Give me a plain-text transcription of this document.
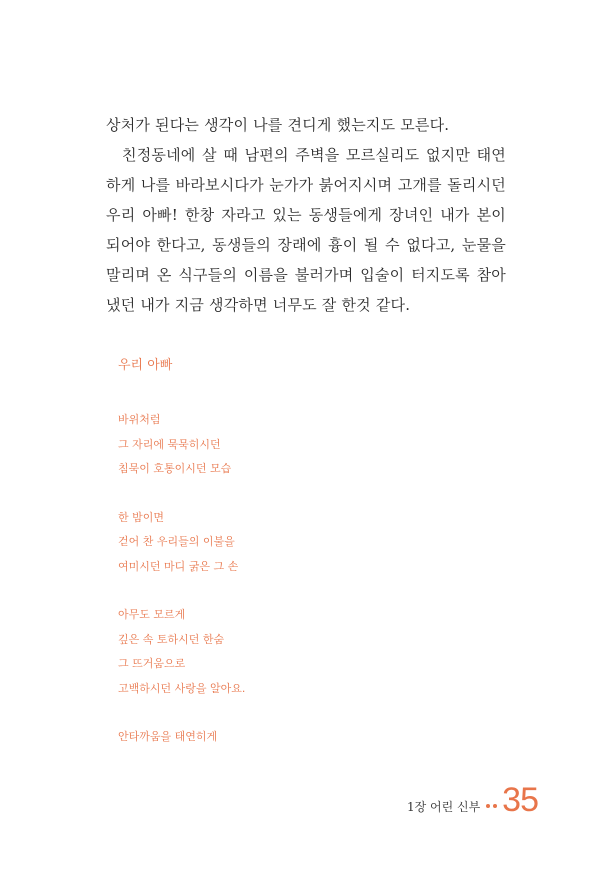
상처가 된다는 생각이 나를 견디게 했는지도 모른다.

친정동네에 살 때 남편의 주벽을 모르실리도 없지만 태연하게 나를 바라보시다가 눈가가 붉어지시며 고개를 돌리시던 우리 아빠! 한창 자라고 있는 동생들에게 장녀인 내가 본이 되어야 한다고, 동생들의 장래에 흉이 될 수 없다고, 눈물을 말리며 온 식구들의 이름을 불러가며 입술이 터지도록 참아 냈던 내가 지금 생각하면 너무도 잘 한것 같다.

우리 아빠
바위처럼
그 자리에 묵묵히시던
침묵이 호통이시던 모습
한 밤이면
걷어 찬 우리들의 이불을
여미시던 마디 굵은 그 손
아무도 모르게
깊은 속 토하시던 한숨
그 뜨거움으로
고백하시던 사랑을 알아요.
안타까움을 태연히게
1장 어린 신부 35
